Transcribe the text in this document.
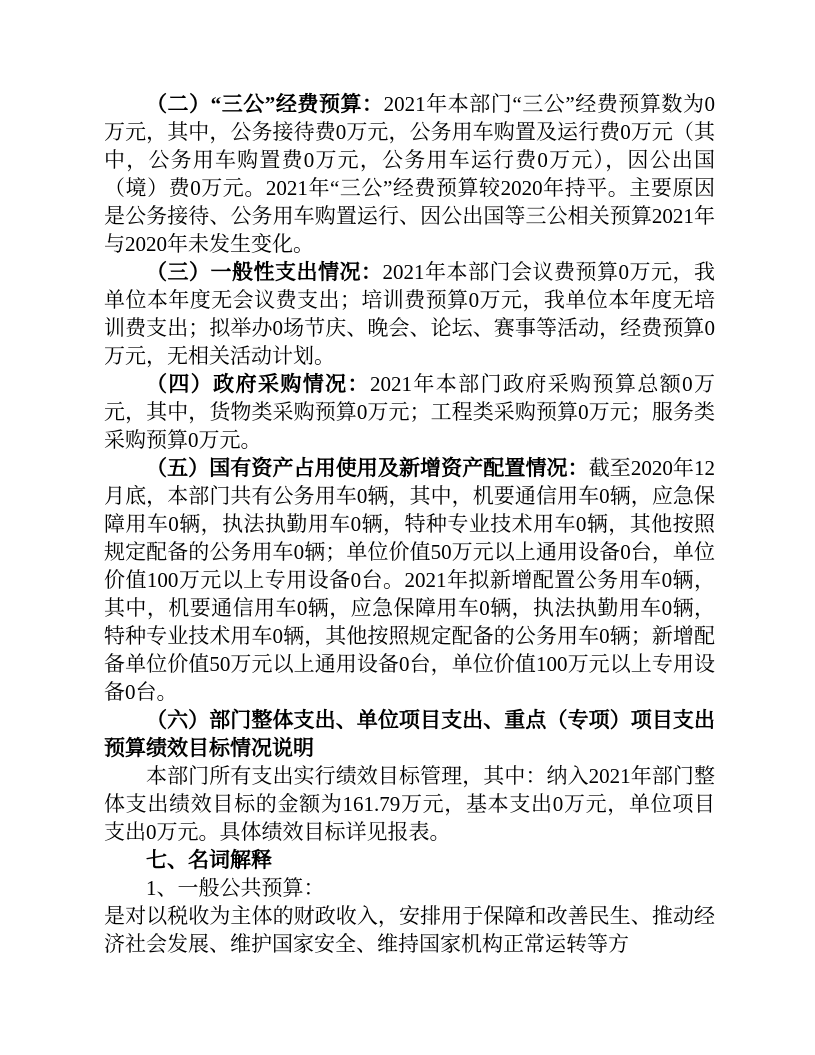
（二）“三公”经费预算：2021年本部门“三公”经费预算数为0万元，其中，公务接待费0万元，公务用车购置及运行费0万元（其中，公务用车购置费0万元，公务用车运行费0万元），因公出国（境）费0万元。2021年“三公”经费预算较2020年持平。主要原因是公务接待、公务用车购置运行、因公出国等三公相关预算2021年与2020年未发生变化。

（三）一般性支出情况：2021年本部门会议费预算0万元，我单位本年度无会议费支出；培训费预算0万元，我单位本年度无培训费支出；拟举办0场节庆、晚会、论坛、赛事等活动，经费预算0万元，无相关活动计划。

（四）政府采购情况：2021年本部门政府采购预算总额0万元，其中，货物类采购预算0万元；工程类采购预算0万元；服务类采购预算0万元。

（五）国有资产占用使用及新增资产配置情况：截至2020年12月底，本部门共有公务用车0辆，其中，机要通信用车0辆，应急保障用车0辆，执法执勤用车0辆，特种专业技术用车0辆，其他按照规定配备的公务用车0辆；单位价值50万元以上通用设备0台，单位价值100万元以上专用设备0台。2021年拟新增配置公务用车0辆，其中，机要通信用车0辆，应急保障用车0辆，执法执勤用车0辆，特种专业技术用车0辆，其他按照规定配备的公务用车0辆；新增配备单位价值50万元以上通用设备0台，单位价值100万元以上专用设备0台。

（六）部门整体支出、单位项目支出、重点（专项）项目支出预算绩效目标情况说明

本部门所有支出实行绩效目标管理，其中：纳入2021年部门整体支出绩效目标的金额为161.79万元，基本支出0万元，单位项目支出0万元。具体绩效目标详见报表。

七、名词解释

1、一般公共预算：

是对以税收为主体的财政收入，安排用于保障和改善民生、推动经济社会发展、维护国家安全、维持国家机构正常运转等方
